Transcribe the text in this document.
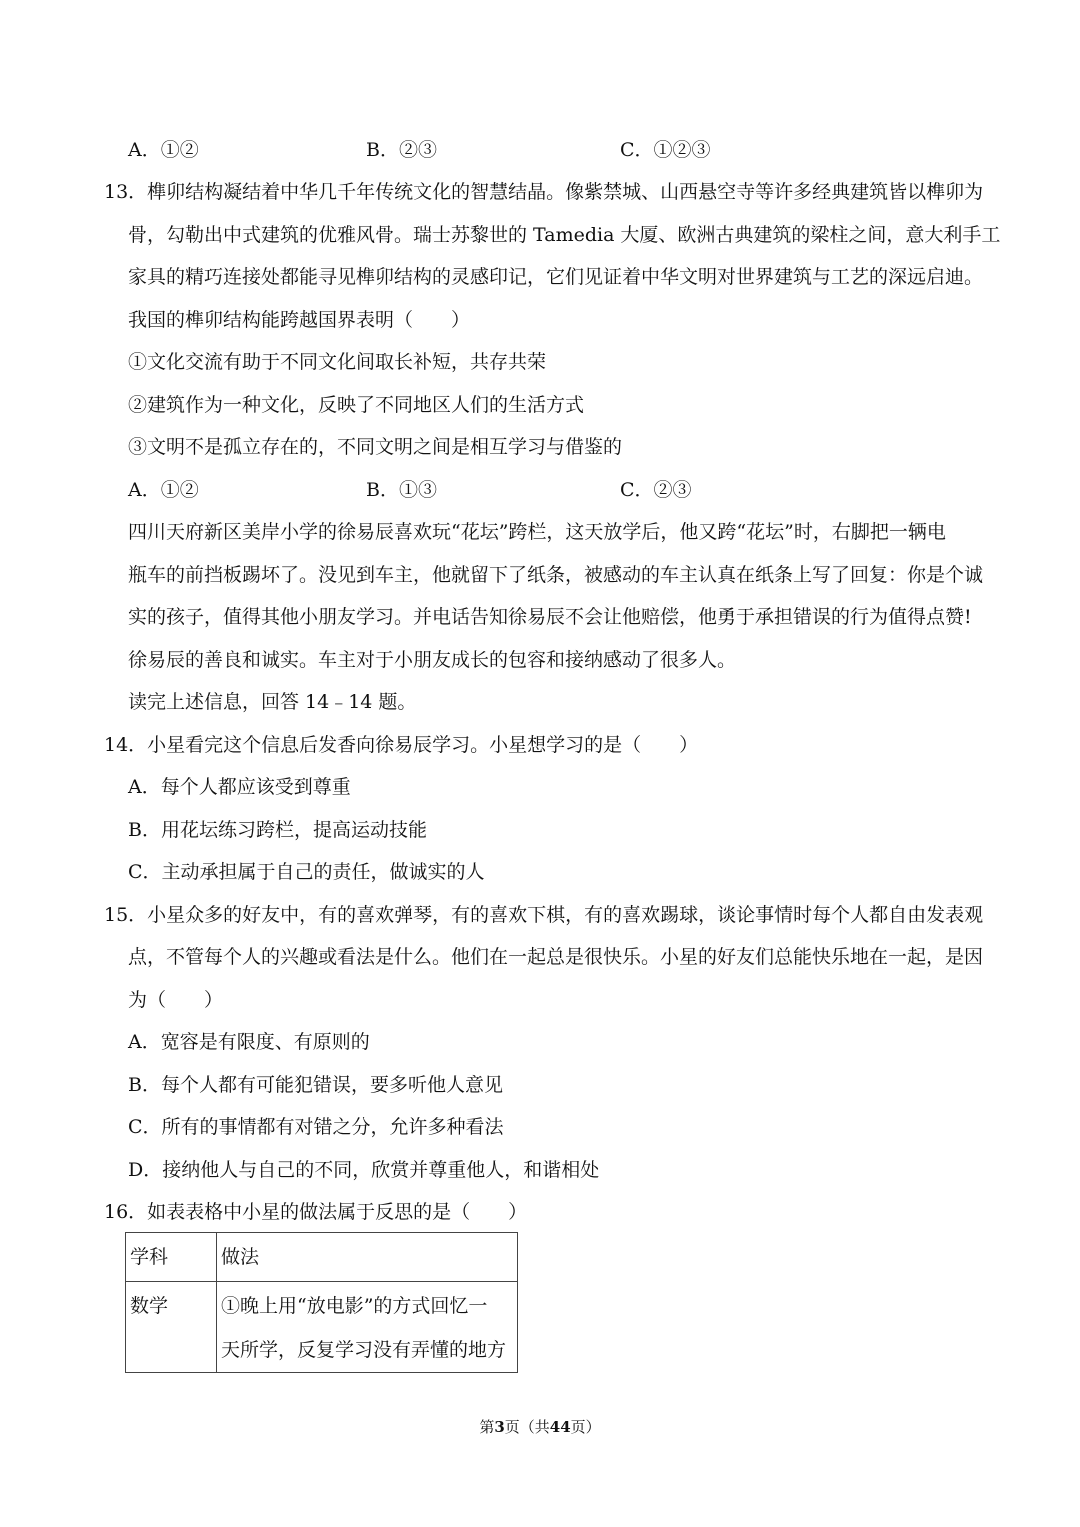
A．①②	B．②③	C．①②③
13．榫卯结构凝结着中华几千年传统文化的智慧结晶。像紫禁城、山西悬空寺等许多经典建筑皆以榫卯为
骨，勾勒出中式建筑的优雅风骨。瑞士苏黎世的 Tamedia 大厦、欧洲古典建筑的梁柱之间，意大利手工
家具的精巧连接处都能寻见榫卯结构的灵感印记，它们见证着中华文明对世界建筑与工艺的深远启迪。
我国的榫卯结构能跨越国界表明（　　）
①文化交流有助于不同文化间取长补短，共存共荣
②建筑作为一种文化，反映了不同地区人们的生活方式
③文明不是孤立存在的，不同文明之间是相互学习与借鉴的
A．①②	B．①③	C．②③
四川天府新区美岸小学的徐易辰喜欢玩“花坛”跨栏，这天放学后，他又跨“花坛”时，右脚把一辆电
瓶车的前挡板踢坏了。没见到车主，他就留下了纸条，被感动的车主认真在纸条上写了回复：你是个诚
实的孩子，值得其他小朋友学习。并电话告知徐易辰不会让他赔偿，他勇于承担错误的行为值得点赞!
徐易辰的善良和诚实。车主对于小朋友成长的包容和接纳感动了很多人。
读完上述信息，回答 14﹣14 题。
14．小星看完这个信息后发香向徐易辰学习。小星想学习的是（　　）
A．每个人都应该受到尊重
B．用花坛练习跨栏，提高运动技能
C．主动承担属于自己的责任，做诚实的人
15．小星众多的好友中，有的喜欢弹琴，有的喜欢下棋，有的喜欢踢球，谈论事情时每个人都自由发表观
点，不管每个人的兴趣或看法是什么。他们在一起总是很快乐。小星的好友们总能快乐地在一起，是因
为（　　）
A．宽容是有限度、有原则的
B．每个人都有可能犯错误，要多听他人意见
C．所有的事情都有对错之分，允许多种看法
D．接纳他人与自己的不同，欣赏并尊重他人，和谐相处
16．如表表格中小星的做法属于反思的是（　　）
学科	做法

数学	①晚上用“放电影”的方式回忆一
天所学，反复学习没有弄懂的地方
第3页（共44页）
